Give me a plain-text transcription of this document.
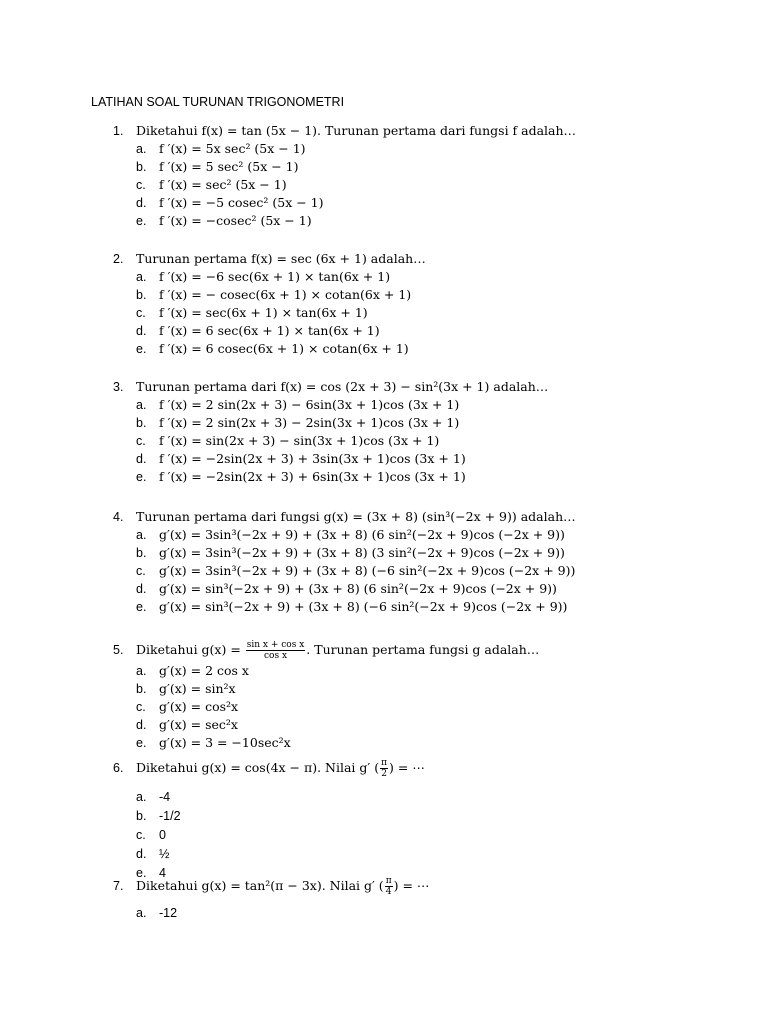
LATIHAN SOAL TURUNAN TRIGONOMETRI
1.	Diketahui f(x) = tan (5x − 1). Turunan pertama dari fungsi f adalah…
a.	f ′(x) = 5x sec² (5x − 1)
b.	f ′(x) = 5 sec² (5x − 1)
c.	f ′(x) = sec² (5x − 1)
d.	f ′(x) = −5 cosec² (5x − 1)
e.	f ′(x) = −cosec² (5x − 1)
2.	Turunan pertama f(x) = sec (6x + 1) adalah…
a.	f ′(x) = −6 sec(6x + 1) × tan(6x + 1)
b.	f ′(x) = − cosec(6x + 1) × cotan(6x + 1)
c.	f ′(x) = sec(6x + 1) × tan(6x + 1)
d.	f ′(x) = 6 sec(6x + 1) × tan(6x + 1)
e.	f ′(x) = 6 cosec(6x + 1) × cotan(6x + 1)
3.	Turunan pertama dari f(x) = cos (2x + 3) − sin²(3x + 1) adalah…
a.	f ′(x) = 2 sin(2x + 3) − 6sin(3x + 1)cos (3x + 1)
b.	f ′(x) = 2 sin(2x + 3) − 2sin(3x + 1)cos (3x + 1)
c.	f ′(x) = sin(2x + 3) − sin(3x + 1)cos (3x + 1)
d.	f ′(x) = −2sin(2x + 3) + 3sin(3x + 1)cos (3x + 1)
e.	f ′(x) = −2sin(2x + 3) + 6sin(3x + 1)cos (3x + 1)
4.	Turunan pertama dari fungsi g(x) = (3x + 8) (sin³(−2x + 9)) adalah…
a.	g′(x) = 3sin³(−2x + 9) + (3x + 8) (6 sin²(−2x + 9)cos (−2x + 9))
b.	g′(x) = 3sin³(−2x + 9) + (3x + 8) (3 sin²(−2x + 9)cos (−2x + 9))
c.	g′(x) = 3sin³(−2x + 9) + (3x + 8) (−6 sin²(−2x + 9)cos (−2x + 9))
d.	g′(x) = sin³(−2x + 9) + (3x + 8) (6 sin²(−2x + 9)cos (−2x + 9))
e.	g′(x) = sin³(−2x + 9) + (3x + 8) (−6 sin²(−2x + 9)cos (−2x + 9))
5.	Diketahui $g(x) = \frac{\text{sin x + cos x}}{\text{cos x}}$ . Turunan pertama fungsi g adalah…
a.	g′(x) = 2 cos x
b.	g′(x) = sin²x
c.	g′(x) = cos²x
d.	g′(x) = sec²x
e.	g′(x) = 3 = −10sec²x
6.	Diketahui g(x) = cos(4x − π). Nilai g′ ( $\frac{\pi}{2}$ ) = ⋯
a.	-4
b.	-1/2
c.	0
d.	½
e.	4
7.	Diketahui g(x) = tan²(π − 3x). Nilai g′ ( $\frac{\pi}{4}$ ) = ⋯
a.	-12
